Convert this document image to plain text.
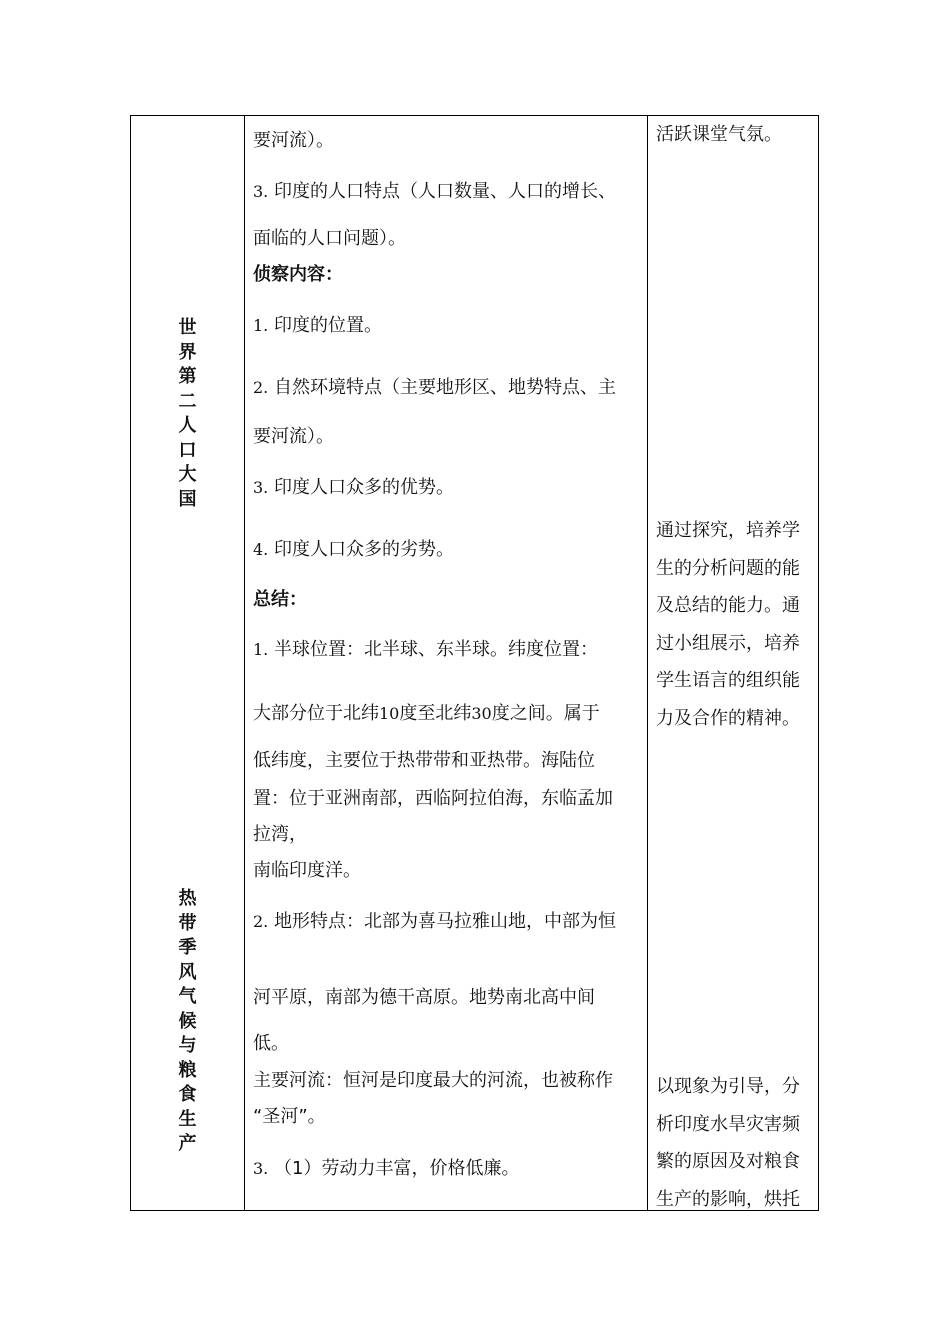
世界第二人口大国
热带季风气候与粮食生产
要河流）。
3. 印度的人口特点（人口数量、人口的增长、
面临的人口问题）。
侦察内容：
1. 印度的位置。
2. 自然环境特点（主要地形区、地势特点、主
要河流）。
3. 印度人口众多的优势。
4. 印度人口众多的劣势。
总结：
1. 半球位置：北半球、东半球。纬度位置：
大部分位于北纬10度至北纬30度之间。属于
低纬度，主要位于热带带和亚热带。海陆位
置：位于亚洲南部，西临阿拉伯海，东临孟加
拉湾，
南临印度洋。
2. 地形特点：北部为喜马拉雅山地，中部为恒
河平原，南部为德干高原。地势南北高中间
低。
主要河流：恒河是印度最大的河流，也被称作
“圣河”。
3. （1）劳动力丰富，价格低廉。
活跃课堂气氛。
通过探究，培养学生的分析问题的能及总结的能力。通过小组展示，培养学生语言的组织能力及合作的精神。
以现象为引导，分析印度水旱灾害频繁的原因及对粮食生产的影响，烘托
